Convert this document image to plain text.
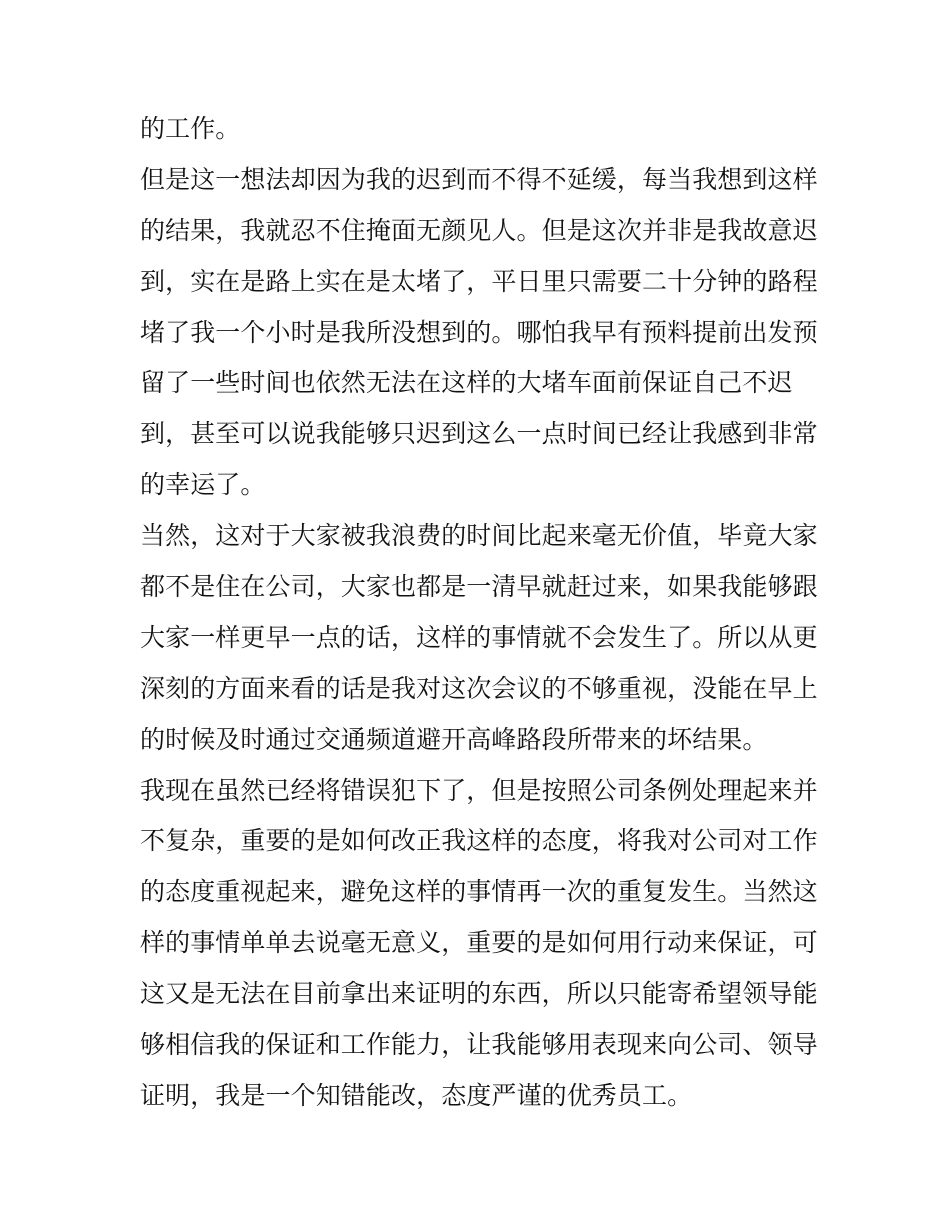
的工作。
但是这一想法却因为我的迟到而不得不延缓，每当我想到这样
的结果，我就忍不住掩面无颜见人。但是这次并非是我故意迟
到，实在是路上实在是太堵了，平日里只需要二十分钟的路程
堵了我一个小时是我所没想到的。哪怕我早有预料提前出发预
留了一些时间也依然无法在这样的大堵车面前保证自己不迟
到，甚至可以说我能够只迟到这么一点时间已经让我感到非常
的幸运了。
当然，这对于大家被我浪费的时间比起来毫无价值，毕竟大家
都不是住在公司，大家也都是一清早就赶过来，如果我能够跟
大家一样更早一点的话，这样的事情就不会发生了。所以从更
深刻的方面来看的话是我对这次会议的不够重视，没能在早上
的时候及时通过交通频道避开高峰路段所带来的坏结果。
我现在虽然已经将错误犯下了，但是按照公司条例处理起来并
不复杂，重要的是如何改正我这样的态度，将我对公司对工作
的态度重视起来，避免这样的事情再一次的重复发生。当然这
样的事情单单去说毫无意义，重要的是如何用行动来保证，可
这又是无法在目前拿出来证明的东西，所以只能寄希望领导能
够相信我的保证和工作能力，让我能够用表现来向公司、领导
证明，我是一个知错能改，态度严谨的优秀员工。
